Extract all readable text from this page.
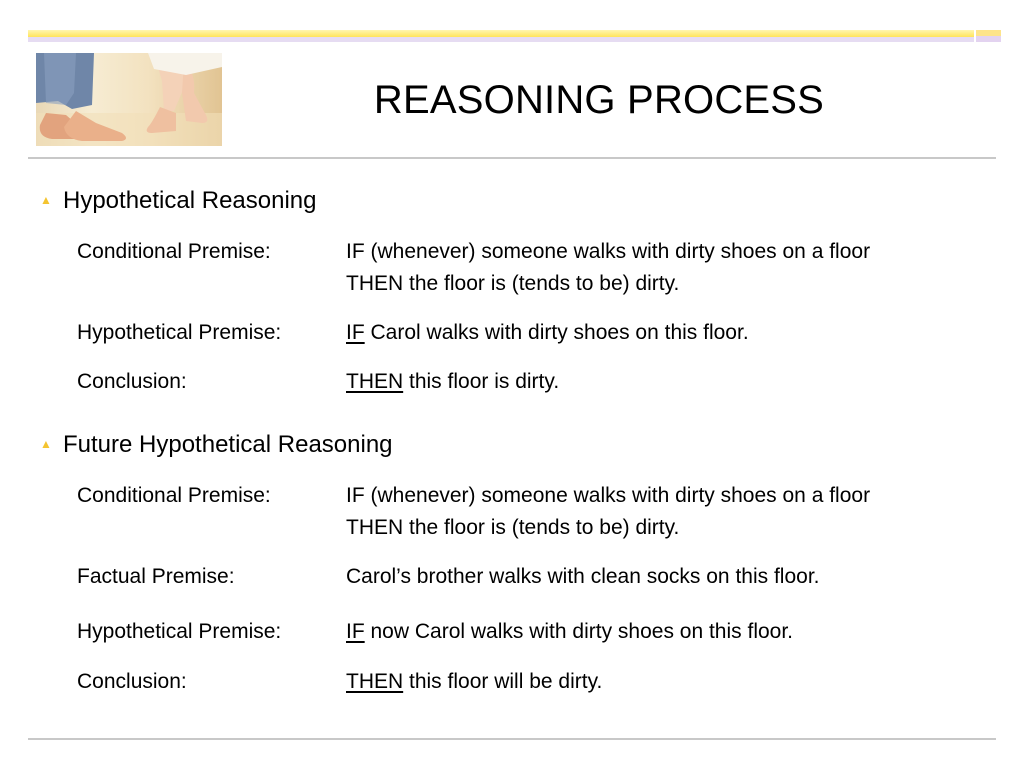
REASONING PROCESS
▲ Hypothetical Reasoning
Conditional Premise:	IF (whenever) someone walks with dirty shoes on a floor
THEN the floor is (tends to be) dirty.
Hypothetical Premise:	IF Carol walks with dirty shoes on this floor.
Conclusion:	THEN this floor is dirty.
▲ Future Hypothetical Reasoning
Conditional Premise:	IF (whenever) someone walks with dirty shoes on a floor
THEN the floor is (tends to be) dirty.
Factual Premise:	Carol’s brother walks with clean socks on this floor.
Hypothetical Premise:	IF now Carol walks with dirty shoes on this floor.
Conclusion:	THEN this floor will be dirty.
